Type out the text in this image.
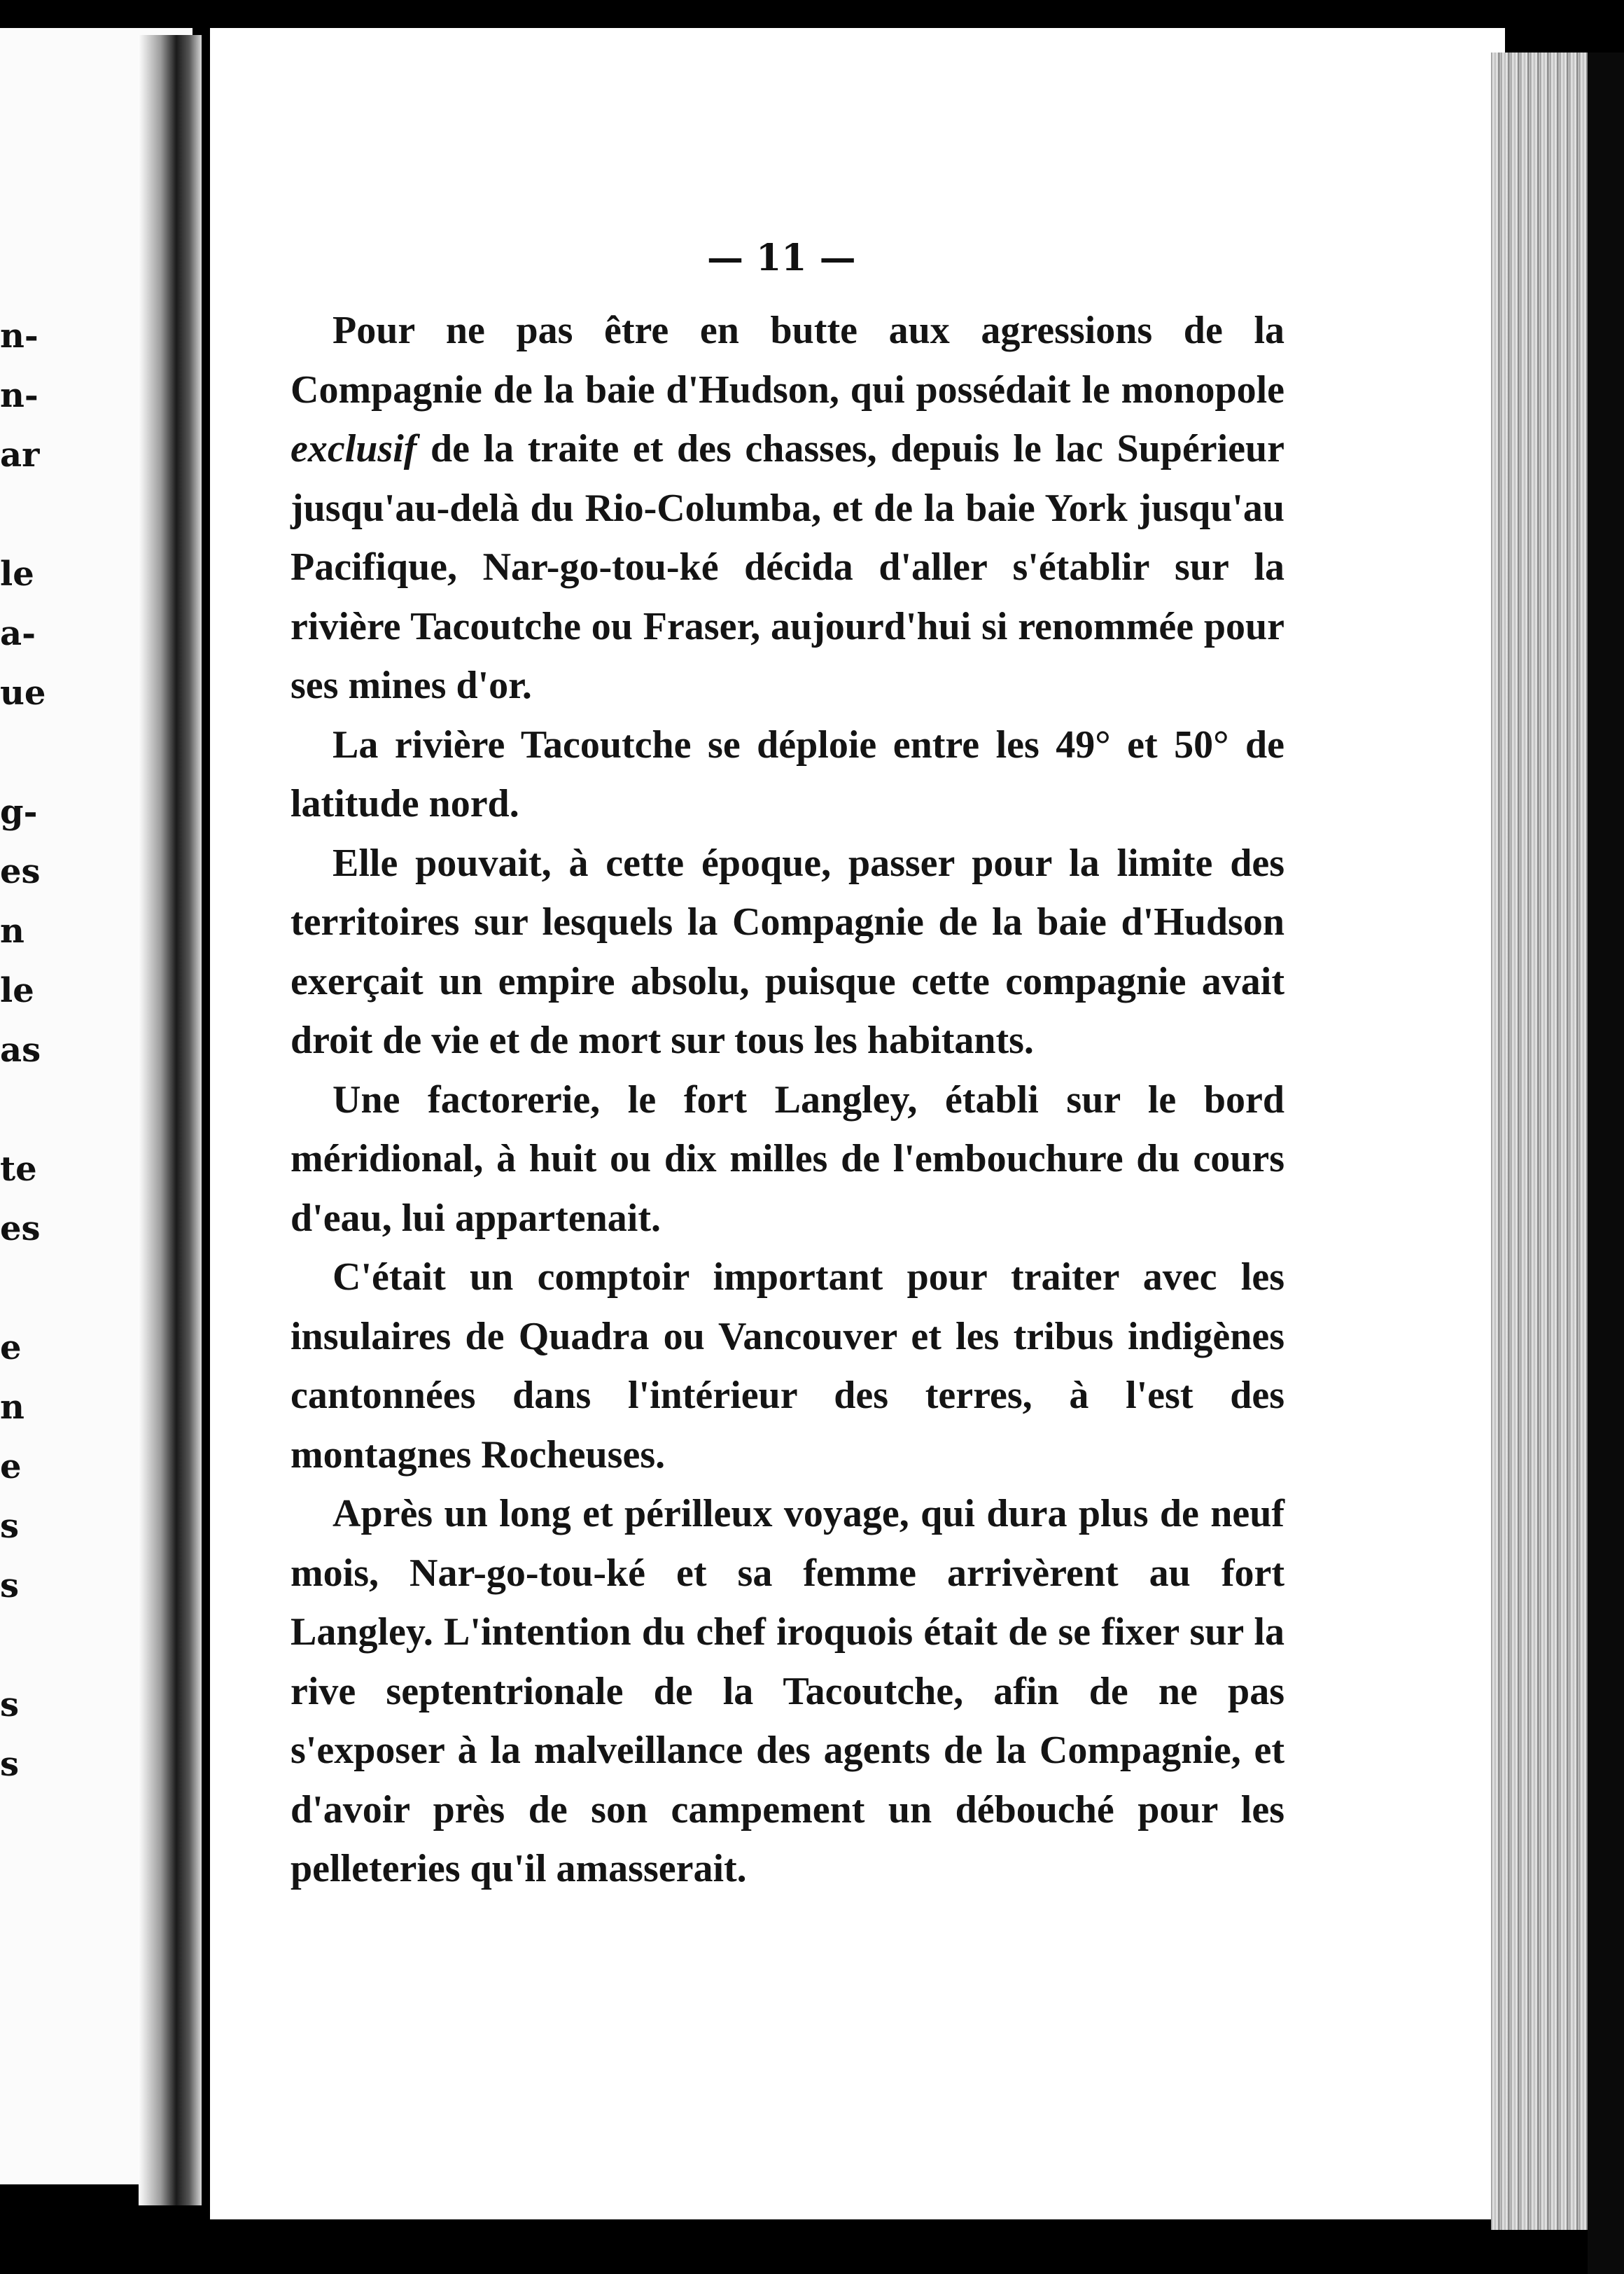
n-
n-
ar
le
a-
ue
g-
es
n
le
as
te
es
e
n
e
s
s
s
s
— 11 —

Pour ne pas être en butte aux agressions de la Compagnie de la baie d'Hudson, qui possédait le monopole exclusif de la traite et des chasses, depuis le lac Supérieur jusqu'au-delà du Rio-Columba, et de la baie York jusqu'au Pacifique, Nar-go-tou-ké décida d'aller s'établir sur la rivière Tacoutche ou Fraser, aujourd'hui si renommée pour ses mines d'or.

La rivière Tacoutche se déploie entre les 49° et 50° de latitude nord.

Elle pouvait, à cette époque, passer pour la limite des territoires sur lesquels la Compagnie de la baie d'Hudson exerçait un empire absolu, puisque cette compagnie avait droit de vie et de mort sur tous les habitants.

Une factorerie, le fort Langley, établi sur le bord méridional, à huit ou dix milles de l'embouchure du cours d'eau, lui appartenait.

C'était un comptoir important pour traiter avec les insulaires de Quadra ou Vancouver et les tribus indigènes cantonnées dans l'intérieur des terres, à l'est des montagnes Rocheuses.

Après un long et périlleux voyage, qui dura plus de neuf mois, Nar-go-tou-ké et sa femme arrivèrent au fort Langley. L'intention du chef iroquois était de se fixer sur la rive septentrionale de la Tacoutche, afin de ne pas s'exposer à la malveillance des agents de la Compagnie, et d'avoir près de son campement un débouché pour les pelleteries qu'il amasserait.
